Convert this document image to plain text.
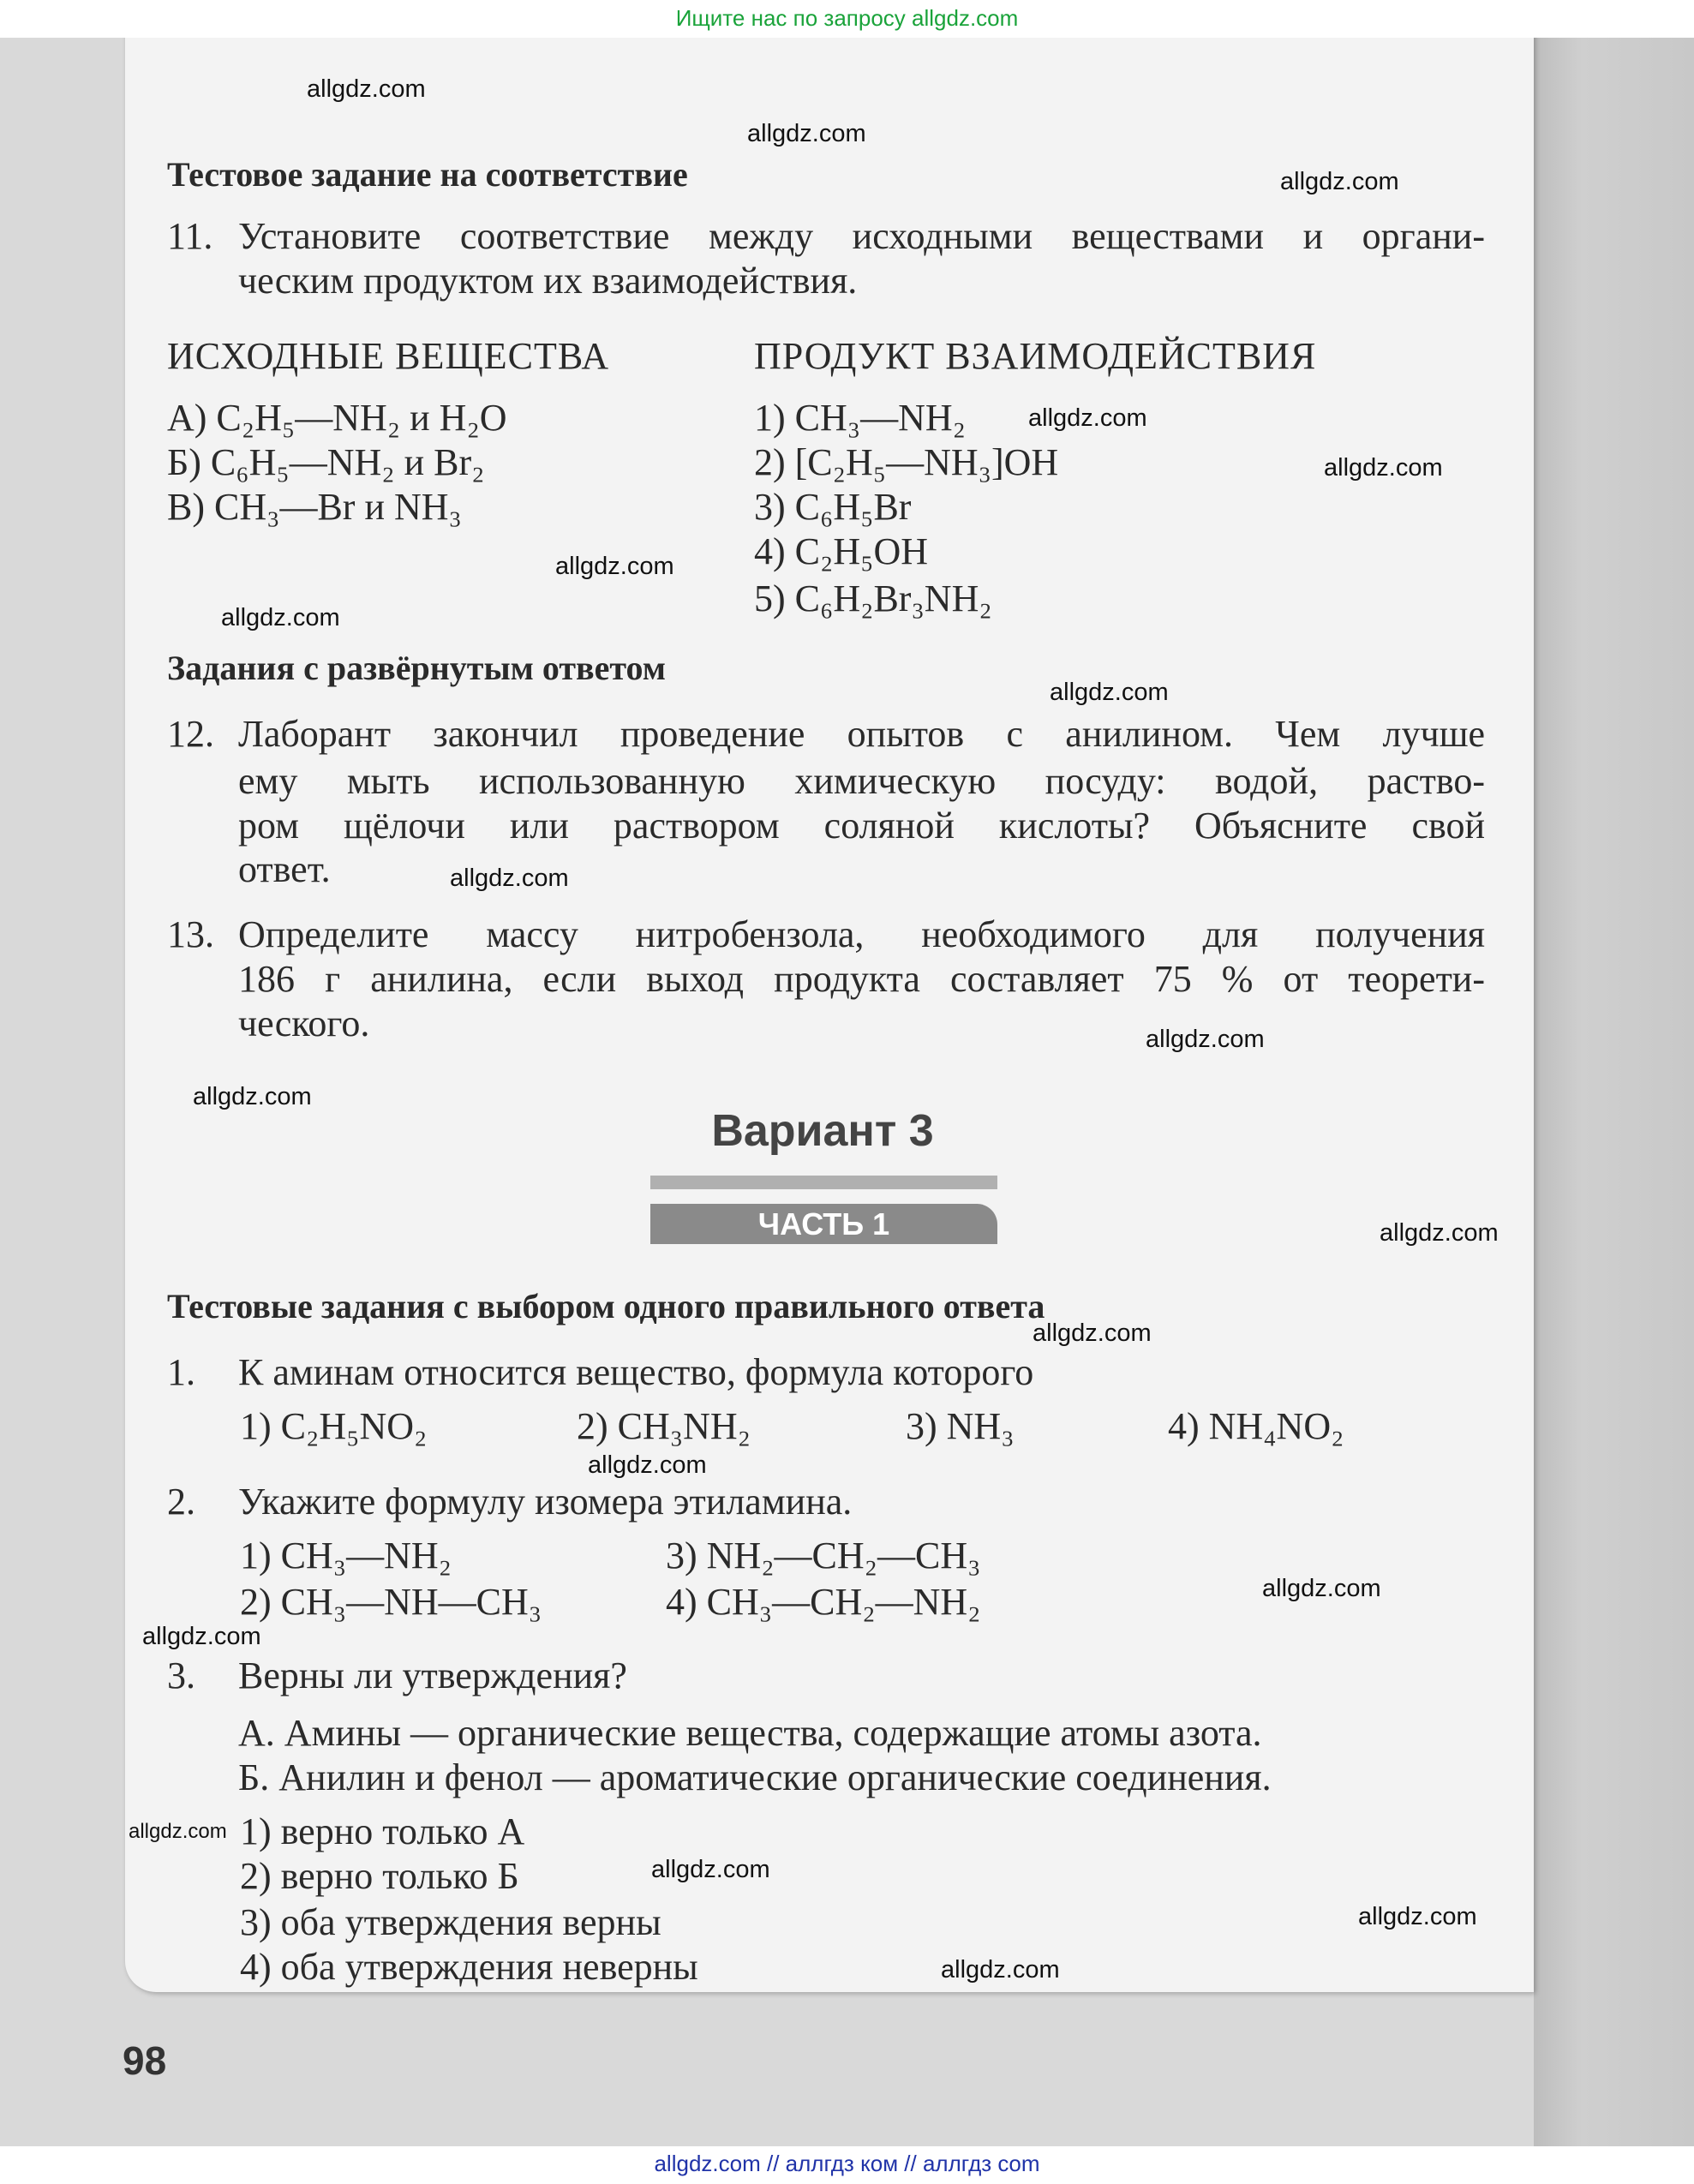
Ищите нас по запросу allgdz.com
Тестовое задание на соответствие
11. Установите соответствие между исходными веществами и органи-
ческим продуктом их взаимодействия.
ИСХОДНЫЕ ВЕЩЕСТВА	ПРОДУКТ ВЗАИМОДЕЙСТВИЯ
А) C₂H₅—NH₂ и H₂O
Б) C₆H₅—NH₂ и Br₂
В) CH₃—Br и NH₃
1) CH₃—NH₂
2) [C₂H₅—NH₃]OH
3) C₆H₅Br
4) C₂H₅OH
5) C₆H₂Br₃NH₂
Задания с развёрнутым ответом
12. Лаборант закончил проведение опытов с анилином. Чем лучше
ему мыть использованную химическую посуду: водой, раство-
ром щёлочи или раствором соляной кислоты? Объясните свой
ответ.
13. Определите массу нитробензола, необходимого для получения
186 г анилина, если выход продукта составляет 75 % от теорети-
ческого.
Вариант 3
ЧАСТЬ 1
Тестовые задания с выбором одного правильного ответа
1. К аминам относится вещество, формула которого
1) C₂H₅NO₂	2) CH₃NH₂	3) NH₃	4) NH₄NO₂
2. Укажите формулу изомера этиламина.
1) CH₃—NH₂	3) NH₂—CH₂—CH₃
2) CH₃—NH—CH₃	4) CH₃—CH₂—NH₂
3. Верны ли утверждения?
А. Амины — органические вещества, содержащие атомы азота.
Б. Анилин и фенол — ароматические органические соединения.
1) верно только А
2) верно только Б
3) оба утверждения верны
4) оба утверждения неверны
98
allgdz.com
allgdz.com
allgdz.com
allgdz.com
allgdz.com
allgdz.com
allgdz.com
allgdz.com
allgdz.com
allgdz.com
allgdz.com
allgdz.com
allgdz.com
allgdz.com
allgdz.com
allgdz.com
allgdz.com
allgdz.com
allgdz.com
allgdz.com
allgdz.com // аллгдз ком // аллгдз com
